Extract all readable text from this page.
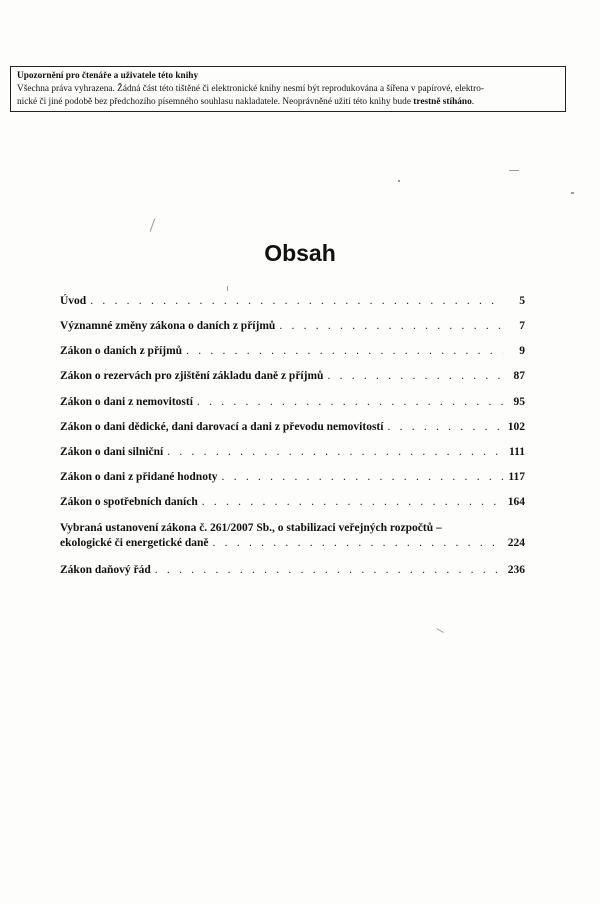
Upozornění pro čtenáře a uživatele této knihy
Všechna práva vyhrazena. Žádná část této tištěné či elektronické knihy nesmí být reprodukována a šířena v papírové, elektro-
nické či jiné podobě bez předchozího písemného souhlasu nakladatele. Neoprávněné užití této knihy bude trestně stíháno.
Obsah
Úvod . . .	5
Významné změny zákona o daních z příjmů . . .	7
Zákon o daních z příjmů . . .	9
Zákon o rezervách pro zjištění základu daně z příjmů . . .	87
Zákon o dani z nemovitostí . . .	95
Zákon o dani dědické, dani darovací a dani z převodu nemovitostí . . .	102
Zákon o dani silniční . . .	111
Zákon o dani z přidané hodnoty . . .	117
Zákon o spotřebních daních . . .	164
Vybraná ustanovení zákona č. 261/2007 Sb., o stabilizaci veřejných rozpočtů –
ekologické či energetické daně . . .	224
Zákon daňový řád . . .	236
